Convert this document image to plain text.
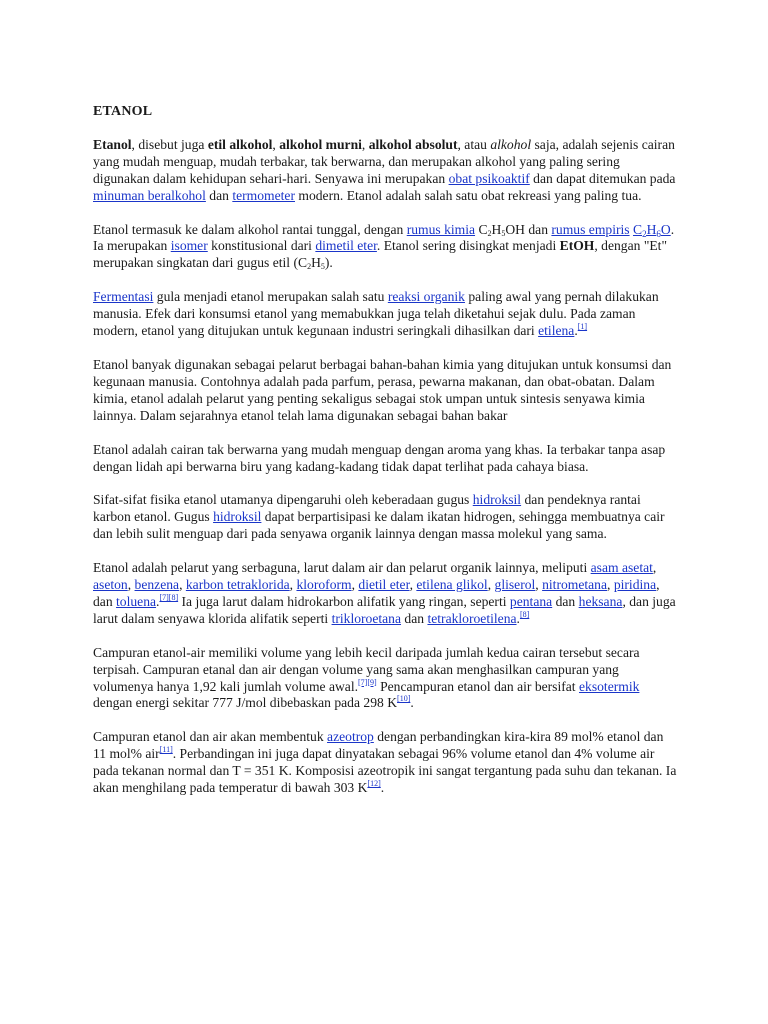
ETANOL

Etanol, disebut juga etil alkohol, alkohol murni, alkohol absolut, atau alkohol saja, adalah sejenis cairan yang mudah menguap, mudah terbakar, tak berwarna, dan merupakan alkohol yang paling sering digunakan dalam kehidupan sehari-hari. Senyawa ini merupakan obat psikoaktif dan dapat ditemukan pada minuman beralkohol dan termometer modern. Etanol adalah salah satu obat rekreasi yang paling tua.

Etanol termasuk ke dalam alkohol rantai tunggal, dengan rumus kimia $C_2H_5OH$ dan rumus empiris $C_2H_6O$. Ia merupakan isomer konstitusional dari dimetil eter. Etanol sering disingkat menjadi EtOH, dengan "Et" merupakan singkatan dari gugus etil $(C_2H_5)$.

Fermentasi gula menjadi etanol merupakan salah satu reaksi organik paling awal yang pernah dilakukan manusia. Efek dari konsumsi etanol yang memabukkan juga telah diketahui sejak dulu. Pada zaman modern, etanol yang ditujukan untuk kegunaan industri seringkali dihasilkan dari etilena.[1]

Etanol banyak digunakan sebagai pelarut berbagai bahan-bahan kimia yang ditujukan untuk konsumsi dan kegunaan manusia. Contohnya adalah pada parfum, perasa, pewarna makanan, dan obat-obatan. Dalam kimia, etanol adalah pelarut yang penting sekaligus sebagai stok umpan untuk sintesis senyawa kimia lainnya. Dalam sejarahnya etanol telah lama digunakan sebagai bahan bakar

Etanol adalah cairan tak berwarna yang mudah menguap dengan aroma yang khas. Ia terbakar tanpa asap dengan lidah api berwarna biru yang kadang-kadang tidak dapat terlihat pada cahaya biasa.

Sifat-sifat fisika etanol utamanya dipengaruhi oleh keberadaan gugus hidroksil dan pendeknya rantai karbon etanol. Gugus hidroksil dapat berpartisipasi ke dalam ikatan hidrogen, sehingga membuatnya cair dan lebih sulit menguap dari pada senyawa organik lainnya dengan massa molekul yang sama.

Etanol adalah pelarut yang serbaguna, larut dalam air dan pelarut organik lainnya, meliputi asam asetat, aseton, benzena, karbon tetraklorida, kloroform, dietil eter, etilena glikol, gliserol, nitrometana, piridina, dan toluena.[7][8] Ia juga larut dalam hidrokarbon alifatik yang ringan, seperti pentana dan heksana, dan juga larut dalam senyawa klorida alifatik seperti trikloroetana dan tetrakloroetilena.[8]

Campuran etanol-air memiliki volume yang lebih kecil daripada jumlah kedua cairan tersebut secara terpisah. Campuran etanal dan air dengan volume yang sama akan menghasilkan campuran yang volumenya hanya 1,92 kali jumlah volume awal.[7][9] Pencampuran etanol dan air bersifat eksotermik dengan energi sekitar 777 J/mol dibebaskan pada 298 K[10].

Campuran etanol dan air akan membentuk azeotrop dengan perbandingkan kira-kira 89 mol% etanol dan 11 mol% air[11]. Perbandingan ini juga dapat dinyatakan sebagai 96% volume etanol dan 4% volume air pada tekanan normal dan T = 351 K. Komposisi azeotropik ini sangat tergantung pada suhu dan tekanan. Ia akan menghilang pada temperatur di bawah 303 K[12].
